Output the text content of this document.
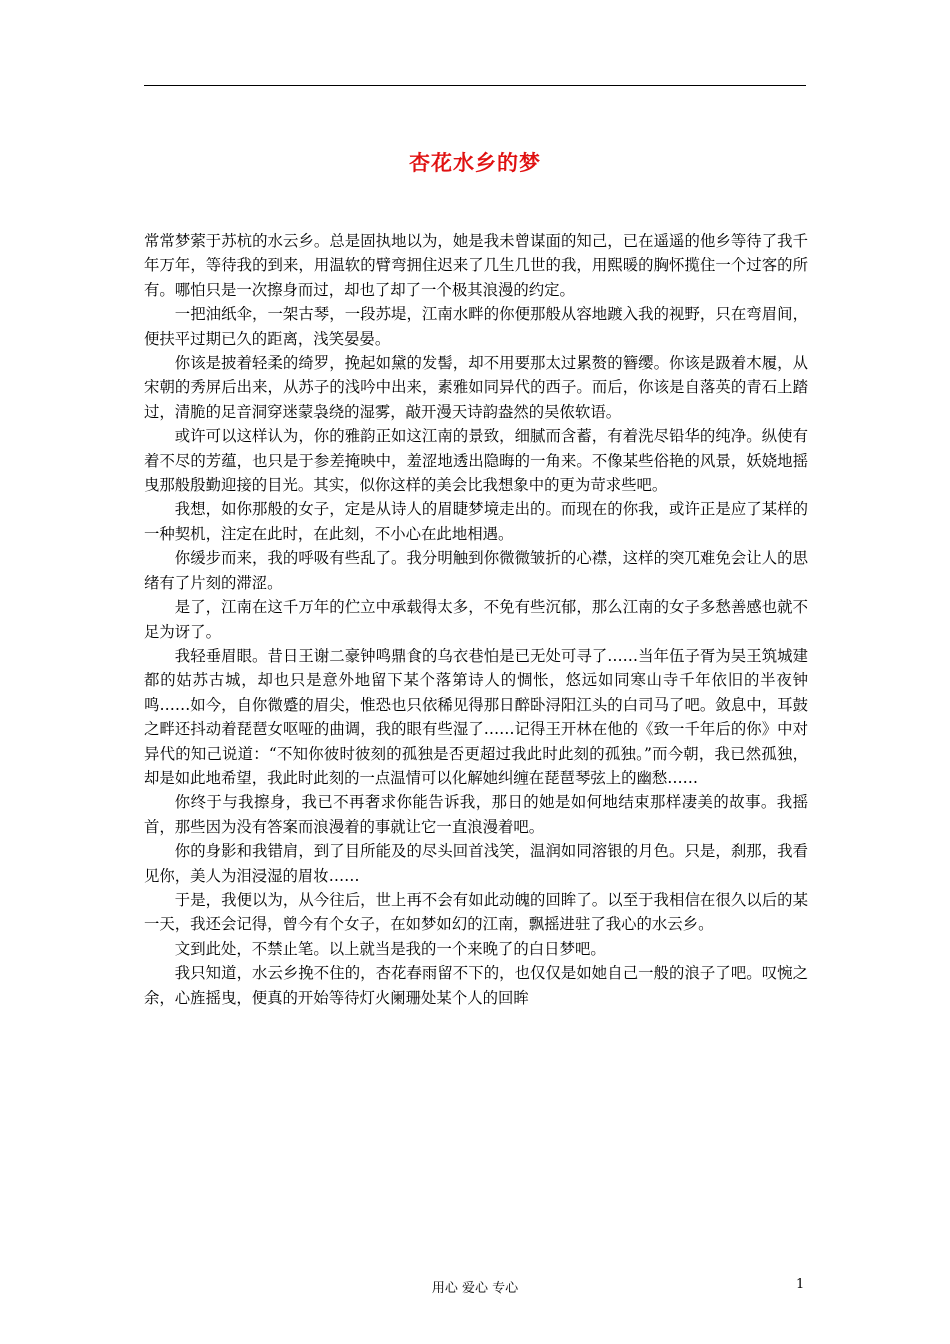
杏花水乡的梦

常常梦萦于苏杭的水云乡。总是固执地以为，她是我未曾谋面的知己，已在遥遥的他乡等待了我千年万年，等待我的到来，用温软的臂弯拥住迟来了几生几世的我，用熙暖的胸怀揽住一个过客的所有。哪怕只是一次擦身而过，却也了却了一个极其浪漫的约定。

一把油纸伞，一架古琴，一段苏堤，江南水畔的你便那般从容地踱入我的视野，只在弯眉间，便扶平过期已久的距离，浅笑晏晏。

你该是披着轻柔的绮罗，挽起如黛的发髻，却不用要那太过累赘的簪缨。你该是趿着木履，从宋朝的秀屏后出来，从苏子的浅吟中出来，素雅如同异代的西子。而后，你该是自落英的青石上踏过，清脆的足音洞穿迷蒙袅绕的湿雾，敲开漫天诗韵盎然的吴侬软语。

或许可以这样认为，你的雅韵正如这江南的景致，细腻而含蓄，有着洗尽铅华的纯净。纵使有着不尽的芳蕴，也只是于参差掩映中，羞涩地透出隐晦的一角来。不像某些俗艳的风景，妖娆地摇曳那般殷勤迎接的目光。其实，似你这样的美会比我想象中的更为苛求些吧。

我想，如你那般的女子，定是从诗人的眉睫梦境走出的。而现在的你我，或许正是应了某样的一种契机，注定在此时，在此刻，不小心在此地相遇。

你缓步而来，我的呼吸有些乱了。我分明触到你微微皱折的心襟，这样的突兀难免会让人的思绪有了片刻的滞涩。

是了，江南在这千万年的伫立中承载得太多，不免有些沉郁，那么江南的女子多愁善感也就不足为讶了。

我轻垂眉眼。昔日王谢二豪钟鸣鼎食的乌衣巷怕是已无处可寻了……当年伍子胥为吴王筑城建都的姑苏古城，却也只是意外地留下某个落第诗人的惆怅，悠远如同寒山寺千年依旧的半夜钟鸣……如今，自你微蹙的眉尖，惟恐也只依稀见得那日醉卧浔阳江头的白司马了吧。敛息中，耳鼓之畔还抖动着琵琶女呕哑的曲调，我的眼有些湿了……记得王开林在他的《致一千年后的你》中对异代的知己说道：“不知你彼时彼刻的孤独是否更超过我此时此刻的孤独。”而今朝，我已然孤独，却是如此地希望，我此时此刻的一点温情可以化解她纠缠在琵琶琴弦上的幽愁……

你终于与我擦身，我已不再奢求你能告诉我，那日的她是如何地结束那样凄美的故事。我摇首，那些因为没有答案而浪漫着的事就让它一直浪漫着吧。

你的身影和我错肩，到了目所能及的尽头回首浅笑，温润如同溶银的月色。只是，刹那，我看见你，美人为泪浸湿的眉妆……

于是，我便以为，从今往后，世上再不会有如此动魄的回眸了。以至于我相信在很久以后的某一天，我还会记得，曾今有个女子，在如梦如幻的江南，飘摇进驻了我心的水云乡。

文到此处，不禁止笔。以上就当是我的一个来晚了的白日梦吧。

我只知道，水云乡挽不住的，杏花春雨留不下的，也仅仅是如她自己一般的浪子了吧。叹惋之余，心旌摇曳，便真的开始等待灯火阑珊处某个人的回眸

用心 爱心 专心	1
